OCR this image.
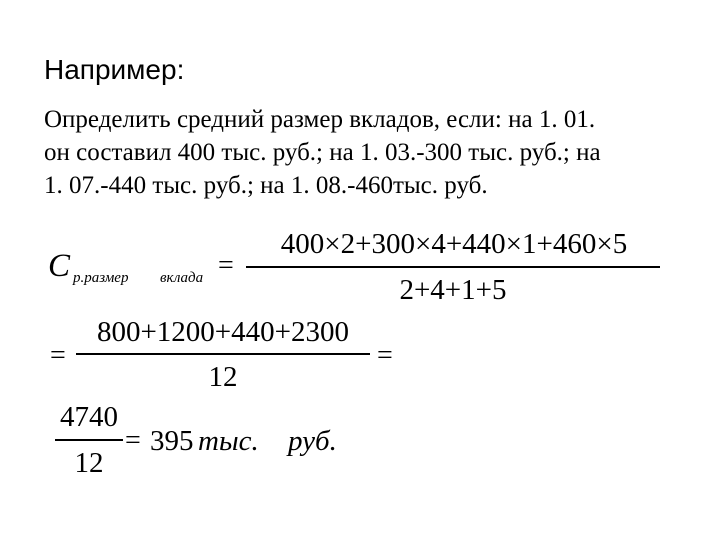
Например:
Определить средний размер вкладов, если: на 1. 01.
он составил 400 тыс. руб.; на 1. 03.-300 тыс. руб.; на
1. 07.-440 тыс. руб.; на 1. 08.-460тыс. руб.
C р.размер вклада =
400×2+300×4+440×1+460×5
2+4+1+5
=
800+1200+440+2300
12
=
4740
12
= 395 тыс. руб.
